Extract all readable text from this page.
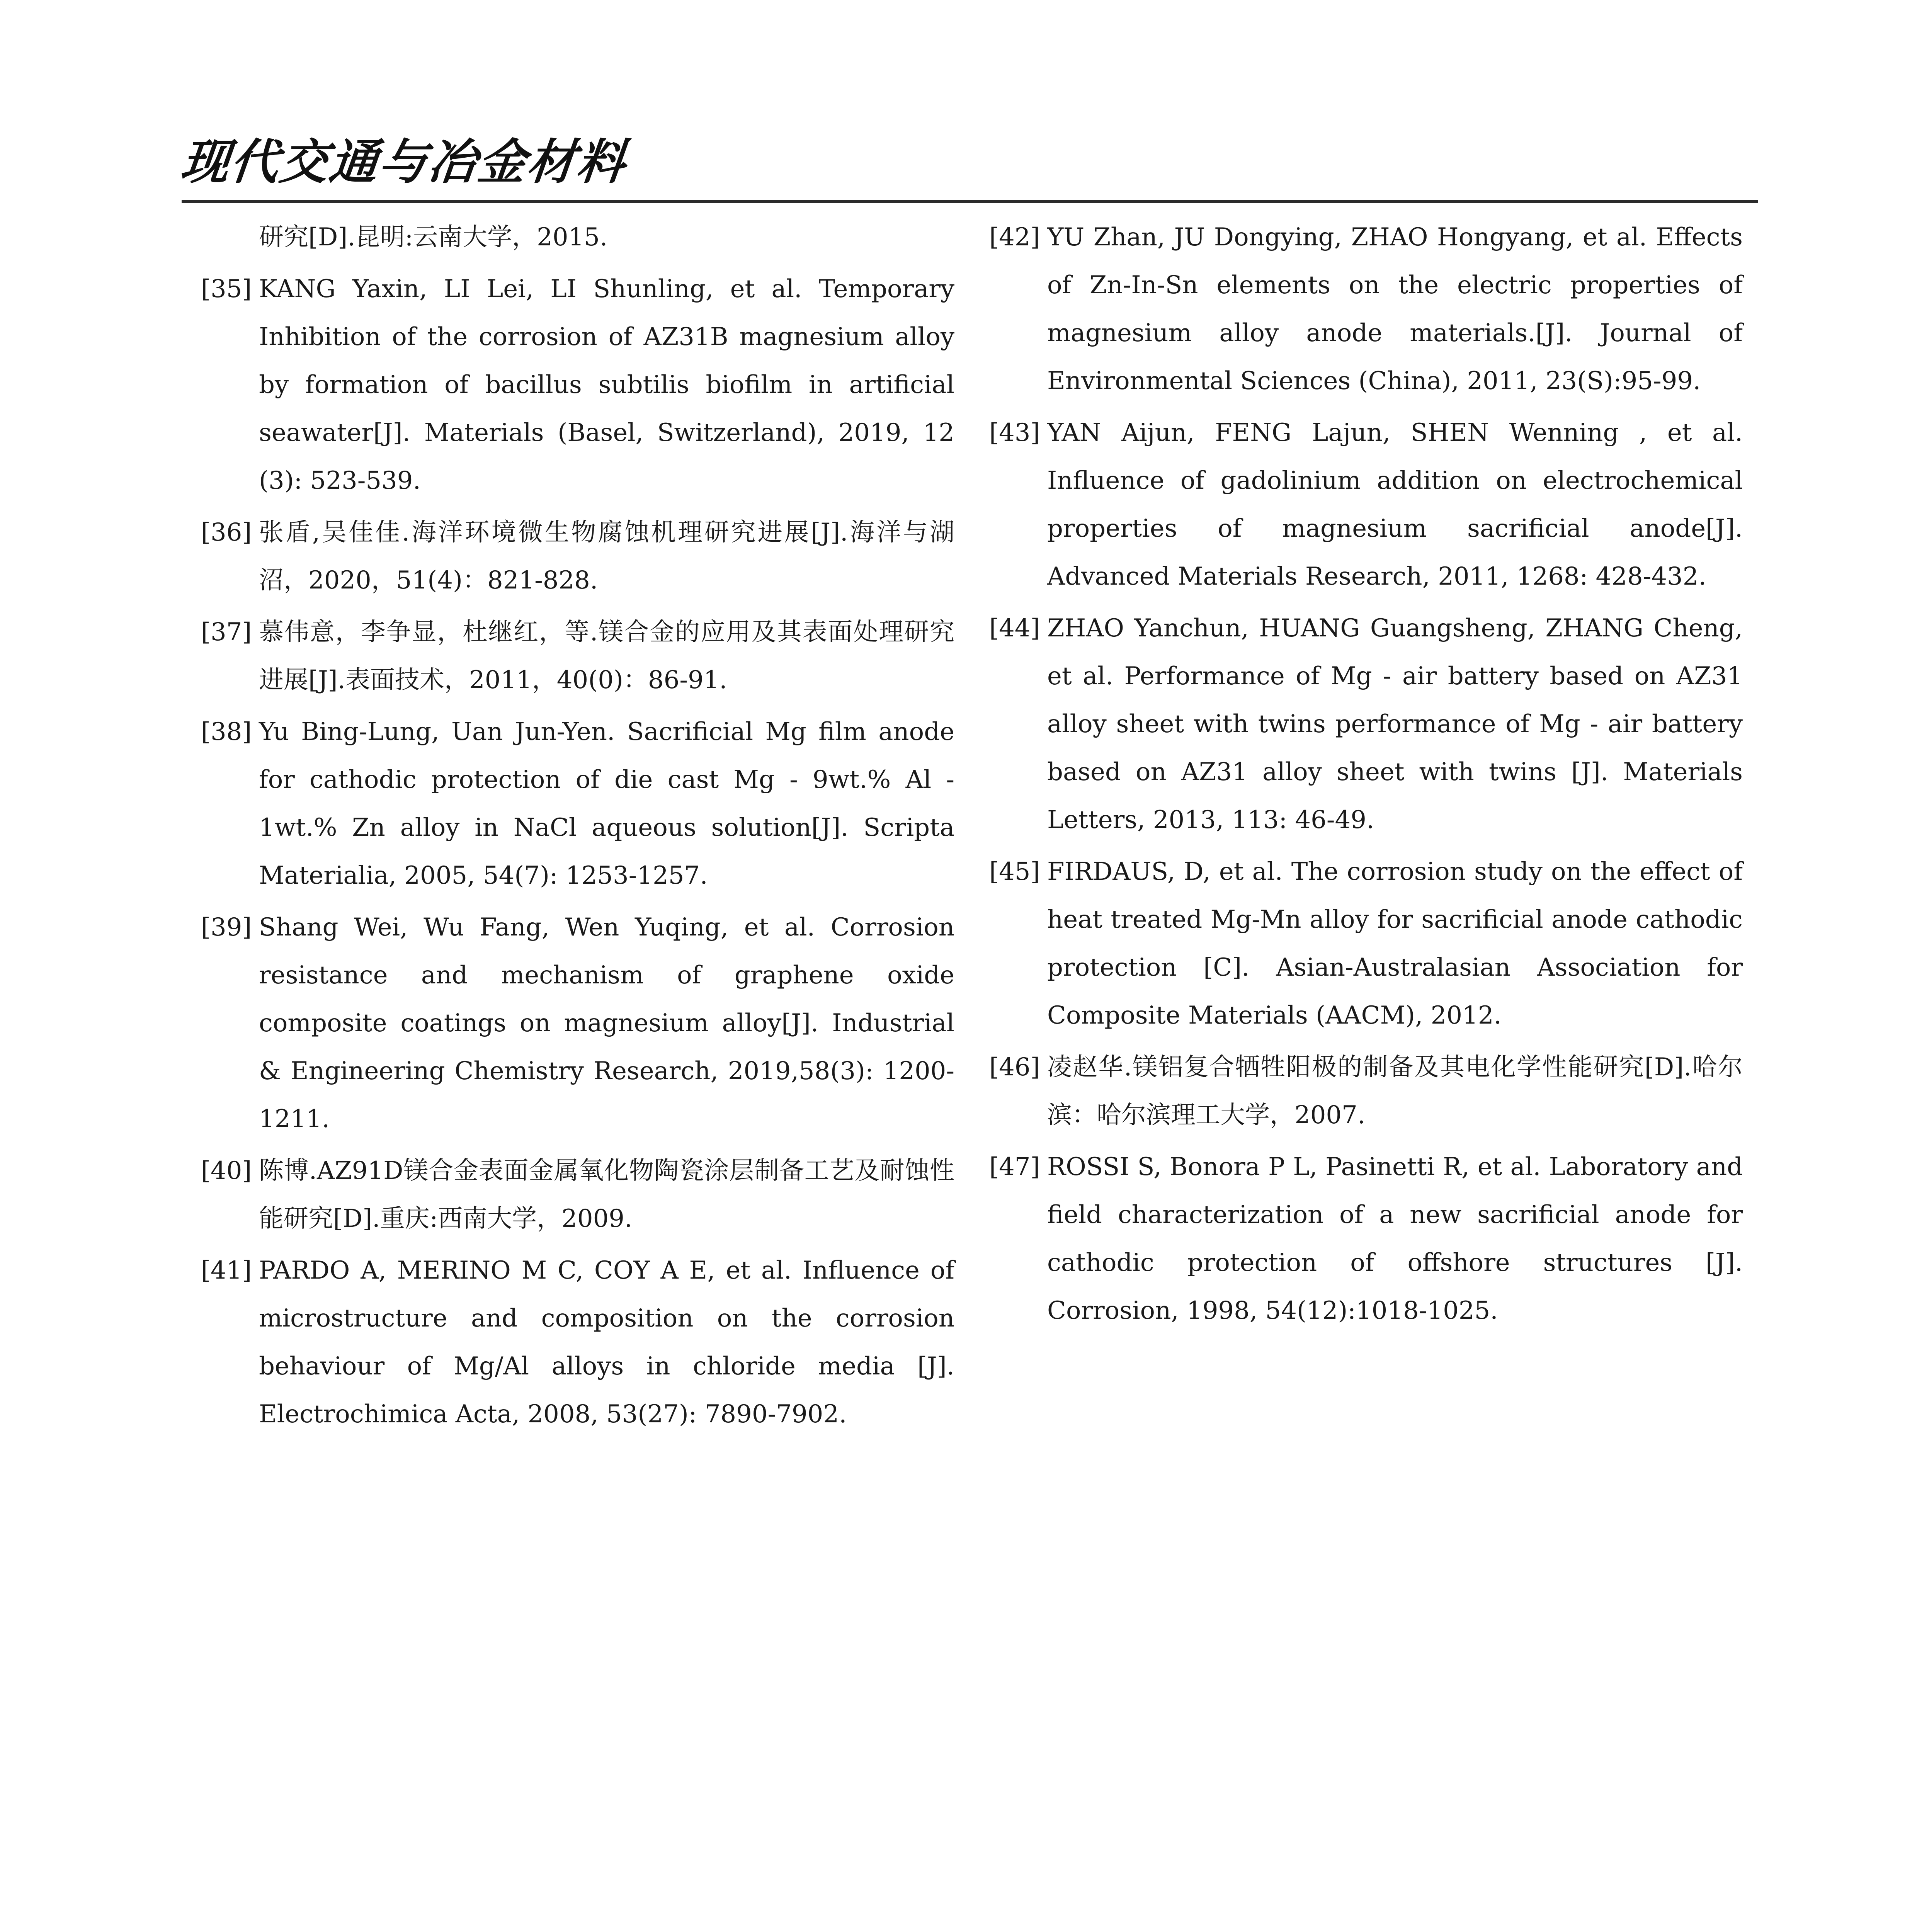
现代交通与冶金材料
研究[D].昆明:云南大学，2015.
[35] KANG Yaxin, LI Lei, LI Shunling, et al. Temporary Inhibition of the corrosion of AZ31B magnesium alloy by formation of bacillus subtilis biofilm in artificial seawater[J]. Materials (Basel, Switzerland), 2019, 12 (3): 523-539.
[36] 张盾,吴佳佳.海洋环境微生物腐蚀机理研究进展[J].海洋与湖沼，2020，51(4)：821-828.
[37] 慕伟意，李争显，杜继红，等.镁合金的应用及其表面处理研究进展[J].表面技术，2011，40(0)：86-91.
[38] Yu Bing-Lung, Uan Jun-Yen. Sacrificial Mg film anode for cathodic protection of die cast Mg - 9wt.% Al - 1wt.% Zn alloy in NaCl aqueous solution[J]. Scripta Materialia, 2005, 54(7): 1253-1257.
[39] Shang Wei, Wu Fang, Wen Yuqing, et al. Corrosion resistance and mechanism of graphene oxide composite coatings on magnesium alloy[J]. Industrial & Engineering Chemistry Research, 2019,58(3): 1200-1211.
[40] 陈博.AZ91D镁合金表面金属氧化物陶瓷涂层制备工艺及耐蚀性能研究[D].重庆:西南大学，2009.
[41] PARDO A, MERINO M C, COY A E, et al. Influence of microstructure and composition on the corrosion behaviour of Mg/Al alloys in chloride media [J]. Electrochimica Acta, 2008, 53(27): 7890-7902.
[42] YU Zhan, JU Dongying, ZHAO Hongyang, et al. Effects of Zn-In-Sn elements on the electric properties of magnesium alloy anode materials.[J]. Journal of Environmental Sciences (China), 2011, 23(S):95-99.
[43] YAN Aijun, FENG Lajun, SHEN Wenning , et al. Influence of gadolinium addition on electrochemical properties of magnesium sacrificial anode[J]. Advanced Materials Research, 2011, 1268: 428-432.
[44] ZHAO Yanchun, HUANG Guangsheng, ZHANG Cheng, et al. Performance of Mg - air battery based on AZ31 alloy sheet with twins performance of Mg - air battery based on AZ31 alloy sheet with twins [J]. Materials Letters, 2013, 113: 46-49.
[45] FIRDAUS, D, et al. The corrosion study on the effect of heat treated Mg-Mn alloy for sacrificial anode cathodic protection [C]. Asian-Australasian Association for Composite Materials (AACM), 2012.
[46] 凌赵华.镁铝复合牺牲阳极的制备及其电化学性能研究[D].哈尔滨：哈尔滨理工大学，2007.
[47] ROSSI S, Bonora P L, Pasinetti R, et al. Laboratory and field characterization of a new sacrificial anode for cathodic protection of offshore structures [J]. Corrosion, 1998, 54(12):1018-1025.
